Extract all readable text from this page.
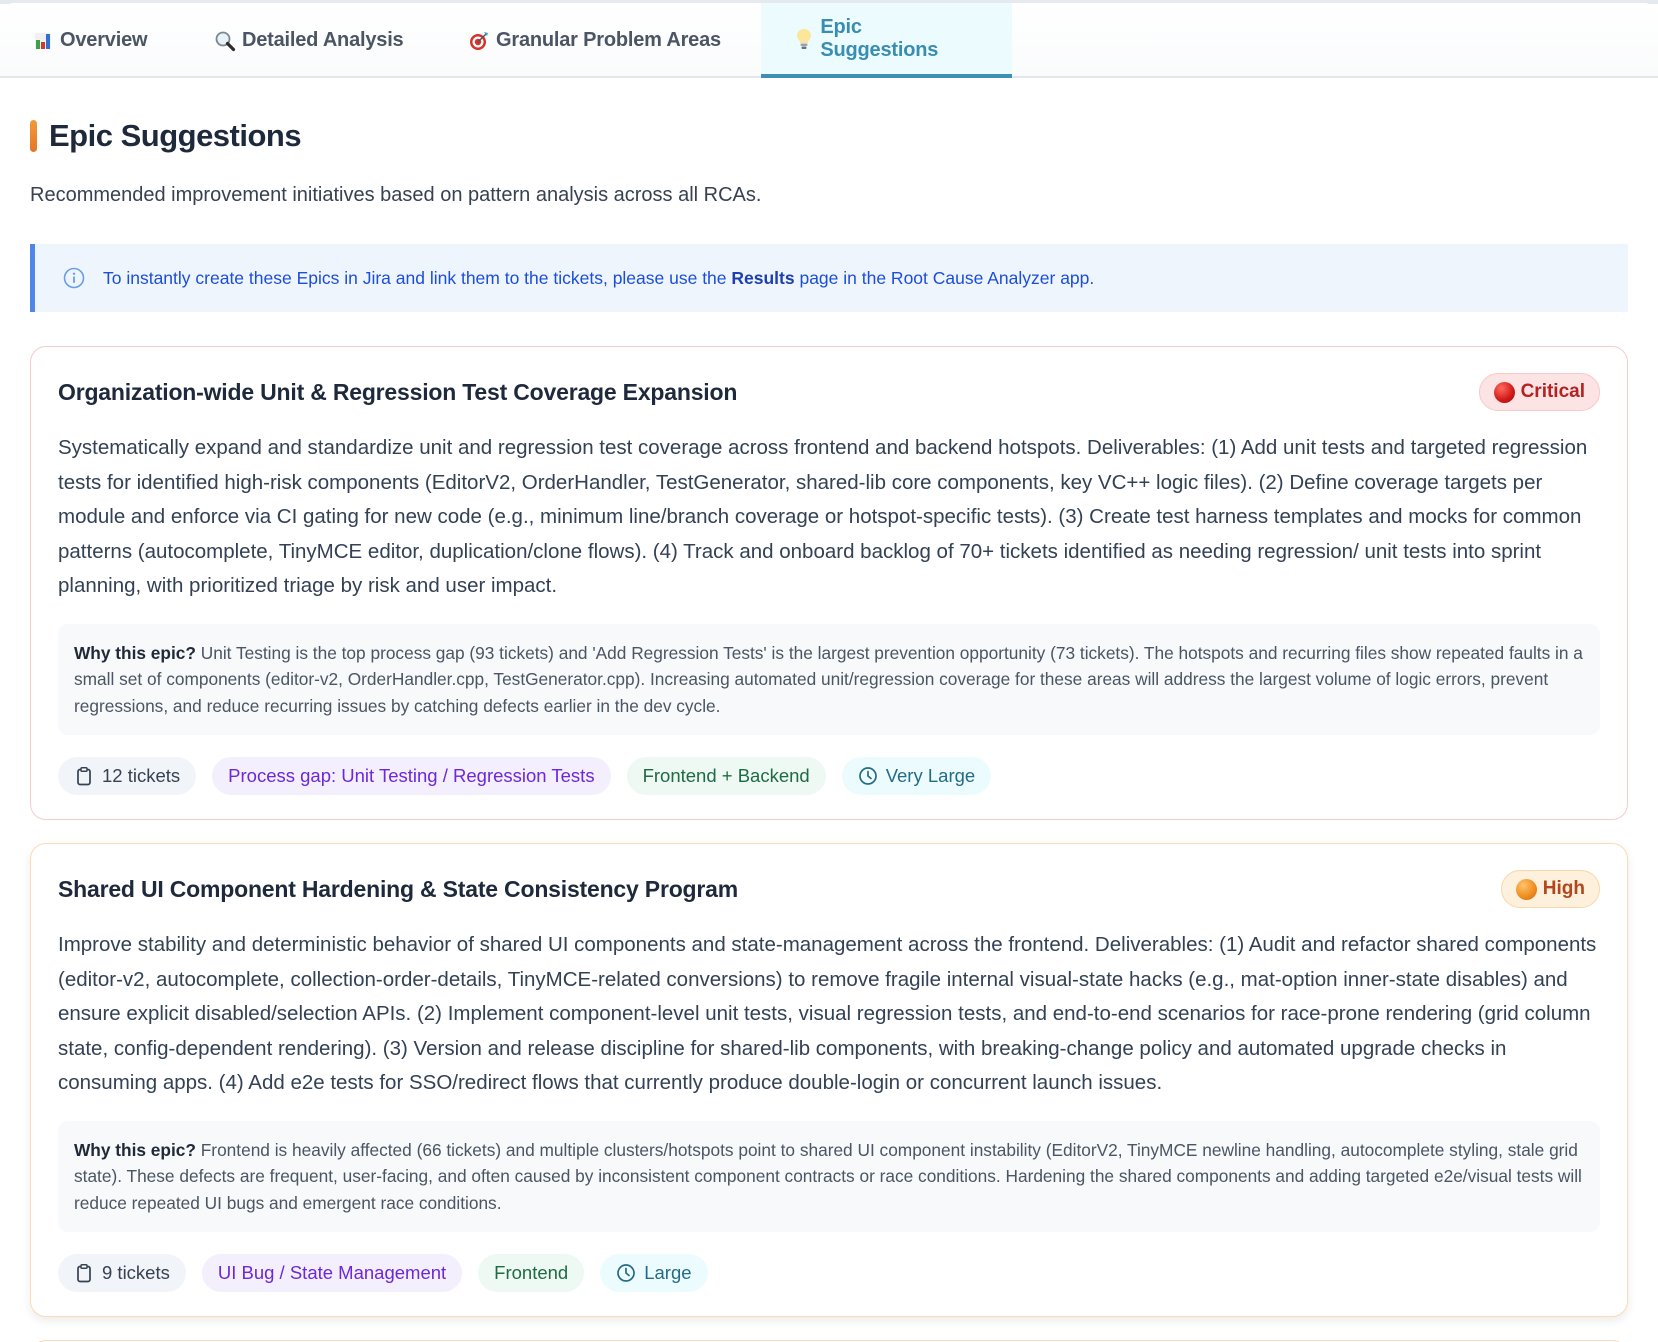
Overview	Detailed Analysis	Granular Problem Areas
Epic Suggestions
Epic Suggestions

Recommended improvement initiatives based on pattern analysis across all RCAs.

To instantly create these Epics in Jira and link them to the tickets, please use the Results page in the Root Cause Analyzer app.
Organization-wide Unit & Regression Test Coverage Expansion	Critical

Systematically expand and standardize unit and regression test coverage across frontend and backend hotspots. Deliverables: (1) Add unit tests and targeted regression tests for identified high-risk components (EditorV2, OrderHandler, TestGenerator, shared-lib core components, key VC++ logic files). (2) Define coverage targets per module and enforce via CI gating for new code (e.g., minimum line/branch coverage or hotspot-specific tests). (3) Create test harness templates and mocks for common patterns (autocomplete, TinyMCE editor, duplication/clone flows). (4) Track and onboard backlog of 70+ tickets identified as needing regression/ unit tests into sprint planning, with prioritized triage by risk and user impact.

Why this epic? Unit Testing is the top process gap (93 tickets) and 'Add Regression Tests' is the largest prevention opportunity (73 tickets). The hotspots and recurring files show repeated faults in a small set of components (editor-v2, OrderHandler.cpp, TestGenerator.cpp). Increasing automated unit/regression coverage for these areas will address the largest volume of logic errors, prevent regressions, and reduce recurring issues by catching defects earlier in the dev cycle.
12 tickets	Process gap: Unit Testing / Regression Tests	Frontend + Backend	Very Large
Shared UI Component Hardening & State Consistency Program	High

Improve stability and deterministic behavior of shared UI components and state-management across the frontend. Deliverables: (1) Audit and refactor shared components (editor-v2, autocomplete, collection-order-details, TinyMCE-related conversions) to remove fragile internal visual-state hacks (e.g., mat-option inner-state disables) and ensure explicit disabled/selection APIs. (2) Implement component-level unit tests, visual regression tests, and end-to-end scenarios for race-prone rendering (grid column state, config-dependent rendering). (3) Version and release discipline for shared-lib components, with breaking-change policy and automated upgrade checks in consuming apps. (4) Add e2e tests for SSO/redirect flows that currently produce double-login or concurrent launch issues.

Why this epic? Frontend is heavily affected (66 tickets) and multiple clusters/hotspots point to shared UI component instability (EditorV2, TinyMCE newline handling, autocomplete styling, stale grid state). These defects are frequent, user-facing, and often caused by inconsistent component contracts or race conditions. Hardening the shared components and adding targeted e2e/visual tests will reduce repeated UI bugs and emergent race conditions.
9 tickets	UI Bug / State Management	Frontend	Large
